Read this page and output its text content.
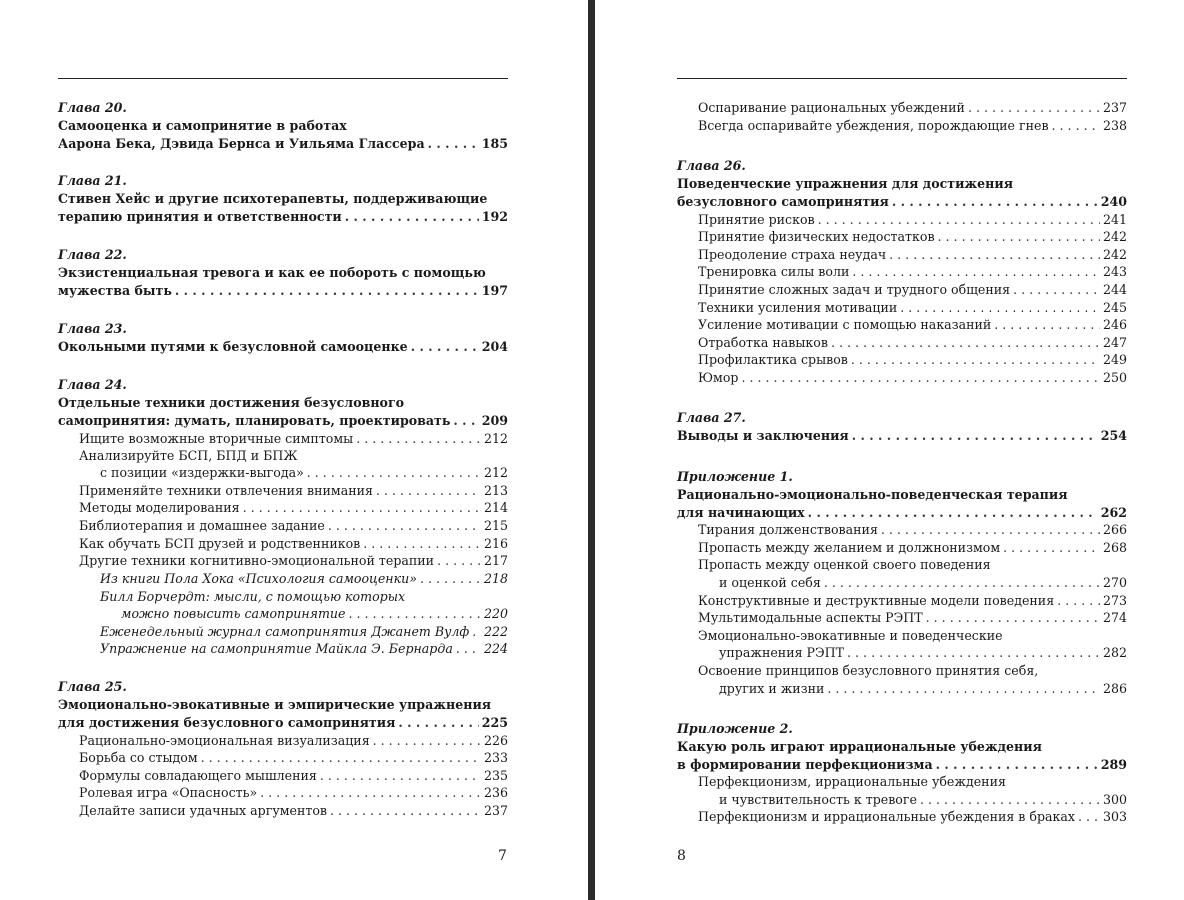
Глава 20.
Самооценка и самопринятие в работах
Аарона Бека, Дэвида Бернса и Уильяма Глассера . . .	185
Глава 21.
Стивен Хейс и другие психотерапевты, поддерживающие
терапию принятия и ответственности . . .	192
Глава 22.
Экзистенциальная тревога и как ее побороть с помощью
мужества быть . . .	197
Глава 23.
Окольными путями к безусловной самооценке . . .	204
Глава 24.
Отдельные техники достижения безусловного
самопринятия: думать, планировать, проектировать . . . 209
Ищите возможные вторичные симптомы . . .	212
Анализируйте БСП, БПД и БПЖ
с позиции «издержки-выгода» . . .	212
Применяйте техники отвлечения внимания . . .	213
Методы моделирования . . .	214
Библиотерапия и домашнее задание . . .	215
Как обучать БСП друзей и родственников . . .	216
Другие техники когнитивно-эмоциональной терапии . . .	217
Из книги Пола Хока «Психология самооценки» . . .	218
Билл Борчердт: мысли, с помощью которых
можно повысить самопринятие . . .	220
Еженедельный журнал самопринятия Джанет Вулф . . . 222
Упражнение на самопринятие Майкла Э. Бернарда . . . 224
Глава 25.
Эмоционально-эвокативные и эмпирические упражнения
для достижения безусловного самопринятия . . .	225
Рационально-эмоциональная визуализация . . .	226
Борьба со стыдом . . .	233
Формулы совладающего мышления . . .	235
Ролевая игра «Опасность» . . .	236
Делайте записи удачных аргументов . . .	237
7
Оспаривание рациональных убеждений . . .	237
Всегда оспаривайте убеждения, порождающие гнев . . .	238
Глава 26.
Поведенческие упражнения для достижения
безусловного самопринятия . . .	240
Принятие рисков . . .	241
Принятие физических недостатков . . .	242
Преодоление страха неудач . . .	242
Тренировка силы воли . . .	243
Принятие сложных задач и трудного общения . . .	244
Техники усиления мотивации . . .	245
Усиление мотивации с помощью наказаний . . .	246
Отработка навыков . . .	247
Профилактика срывов . . .	249
Юмор . . .	250
Глава 27.
Выводы и заключения . . .	254
Приложение 1.
Рационально-эмоционально-поведенческая терапия
для начинающих . . .	262
Тирания долженствования . . .	266
Пропасть между желанием и должнонизмом . . .	268
Пропасть между оценкой своего поведения
и оценкой себя . . .	270
Конструктивные и деструктивные модели поведения . . .	273
Мультимодальные аспекты РЭПТ . . .	274
Эмоционально-эвокативные и поведенческие
упражнения РЭПТ . . .	282
Освоение принципов безусловного принятия себя,
других и жизни . . .	286
Приложение 2.
Какую роль играют иррациональные убеждения
в формировании перфекционизма . . .	289
Перфекционизм, иррациональные убеждения
и чувствительность к тревоге . . .	300
Перфекционизм и иррациональные убеждения в браках . . . 303
8
